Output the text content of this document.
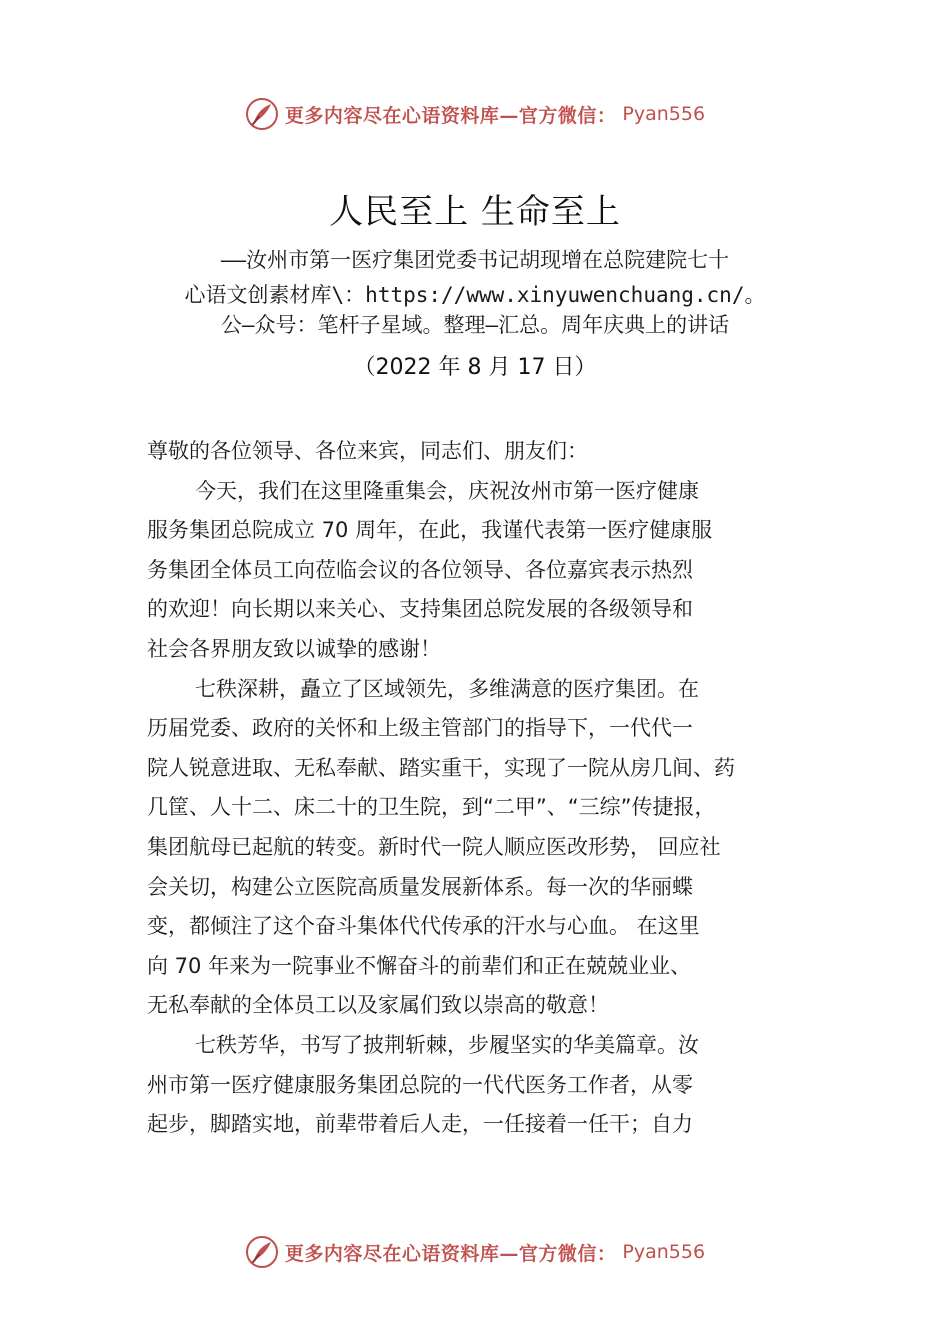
更多内容尽在心语资料库—官方微信： Pyan556
人民至上 生命至上
——汝州市第一医疗集团党委书记胡现增在总院建院七十
心语文创素材库\：https://www.xinyuwenchuang.cn/。
公—众号：笔杆子星域。整理—汇总。周年庆典上的讲话
（2022 年 8 月 17 日）
尊敬的各位领导、各位来宾，同志们、朋友们：
今天，我们在这里隆重集会，庆祝汝州市第一医疗健康
服务集团总院成立 70 周年，在此，我谨代表第一医疗健康服
务集团全体员工向莅临会议的各位领导、各位嘉宾表示热烈
的欢迎！向长期以来关心、支持集团总院发展的各级领导和
社会各界朋友致以诚挚的感谢！
七秩深耕，矗立了区域领先，多维满意的医疗集团。在
历届党委、政府的关怀和上级主管部门的指导下，一代代一
院人锐意进取、无私奉献、踏实重干，实现了一院从房几间、药
几筐、人十二、床二十的卫生院，到“二甲”、“三综”传捷报，
集团航母已起航的转变。新时代一院人顺应医改形势， 回应社
会关切，构建公立医院高质量发展新体系。每一次的华丽蝶
变，都倾注了这个奋斗集体代代传承的汗水与心血。 在这里
向 70 年来为一院事业不懈奋斗的前辈们和正在兢兢业业、
无私奉献的全体员工以及家属们致以崇高的敬意！
七秩芳华，书写了披荆斩棘，步履坚实的华美篇章。汝
州市第一医疗健康服务集团总院的一代代医务工作者，从零
起步，脚踏实地，前辈带着后人走，一任接着一任干；自力
更多内容尽在心语资料库—官方微信： Pyan556
